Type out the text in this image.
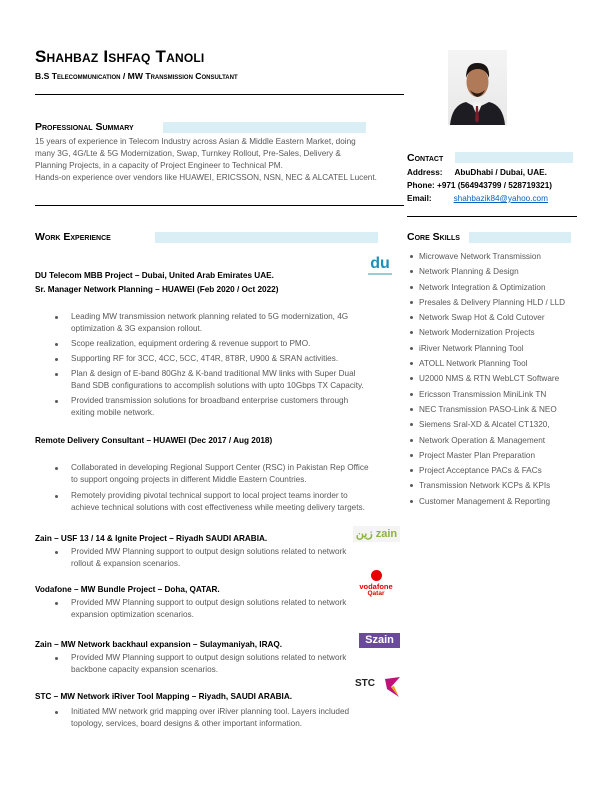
Shahbaz Ishfaq Tanoli
B.S Telecommunication / MW Transmission Consultant
Professional Summary
15 years of experience in Telecom Industry across Asian & Middle Eastern Market, doing
many 3G, 4G/Lte & 5G Modernization, Swap, Turnkey Rollout, Pre-Sales, Delivery &
Planning Projects, in a capacity of Project Engineer to Technical PM.
Hands-on experience over vendors like HUAWEI, ERICSSON, NSN, NEC & ALCATEL Lucent.
Contact
Address: AbuDhabi / Dubai, UAE.
Phone: +971 (564943799 / 528719321)
Email:	shahbazik84@yahoo.com
Work Experience	Core Skills
Microwave Network Transmission
Network Planning & Design
Network Integration & Optimization
Presales & Delivery Planning HLD / LLD
Network Swap Hot & Cold Cutover
Network Modernization Projects
iRiver Network Planning Tool
ATOLL Network Planning Tool
U2000 NMS & RTN WebLCT Software
Ericsson Transmission MiniLink TN
NEC Transmission PASO-Link & NEO
Siemens Sral-XD & Alcatel CT1320,
Network Operation & Management
Project Master Plan Preparation
Project Acceptance PACs & FACs
Transmission Network KCPs & KPIs
Customer Management & Reporting
du
DU Telecom MBB Project – Dubai, United Arab Emirates UAE.
Sr. Manager Network Planning – HUAWEI (Feb 2020 / Oct 2022)
Leading MW transmission network planning related to 5G modernization, 4G
optimization & 3G expansion rollout.
Scope realization, equipment ordering & revenue support to PMO.
Supporting RF for 3CC, 4CC, 5CC, 4T4R, 8T8R, U900 & SRAN activities.
Plan & design of E-band 80Ghz & K-band traditional MW links with Super Dual
Band SDB configurations to accomplish solutions with upto 10Gbps TX Capacity.
Provided transmission solutions for broadband enterprise customers through
exiting mobile network.
Remote Delivery Consultant – HUAWEI (Dec 2017 / Aug 2018)
Collaborated in developing Regional Support Center (RSC) in Pakistan Rep Office
to support ongoing projects in different Middle Eastern Countries.
Remotely providing pivotal technical support to local project teams inorder to
achieve technical solutions with cost effectiveness while meeting delivery targets.
زين zain
Zain – USF 13 / 14 & Ignite Project – Riyadh SAUDI ARABIA.
Provided MW Planning support to output design solutions related to network
rollout & expansion scenarios.
vodafone
Qatar
Vodafone – MW Bundle Project – Doha, QATAR.
Provided MW Planning support to output design solutions related to network
expansion optimization scenarios.
Szain
Zain – MW Network backhaul expansion – Sulaymaniyah, IRAQ.
Provided MW Planning support to output design solutions related to network
backbone capacity expansion scenarios.
STC
STC – MW Network iRiver Tool Mapping – Riyadh, SAUDI ARABIA.
Initiated MW network grid mapping over iRiver planning tool. Layers included
topology, services, board designs & other important information.
